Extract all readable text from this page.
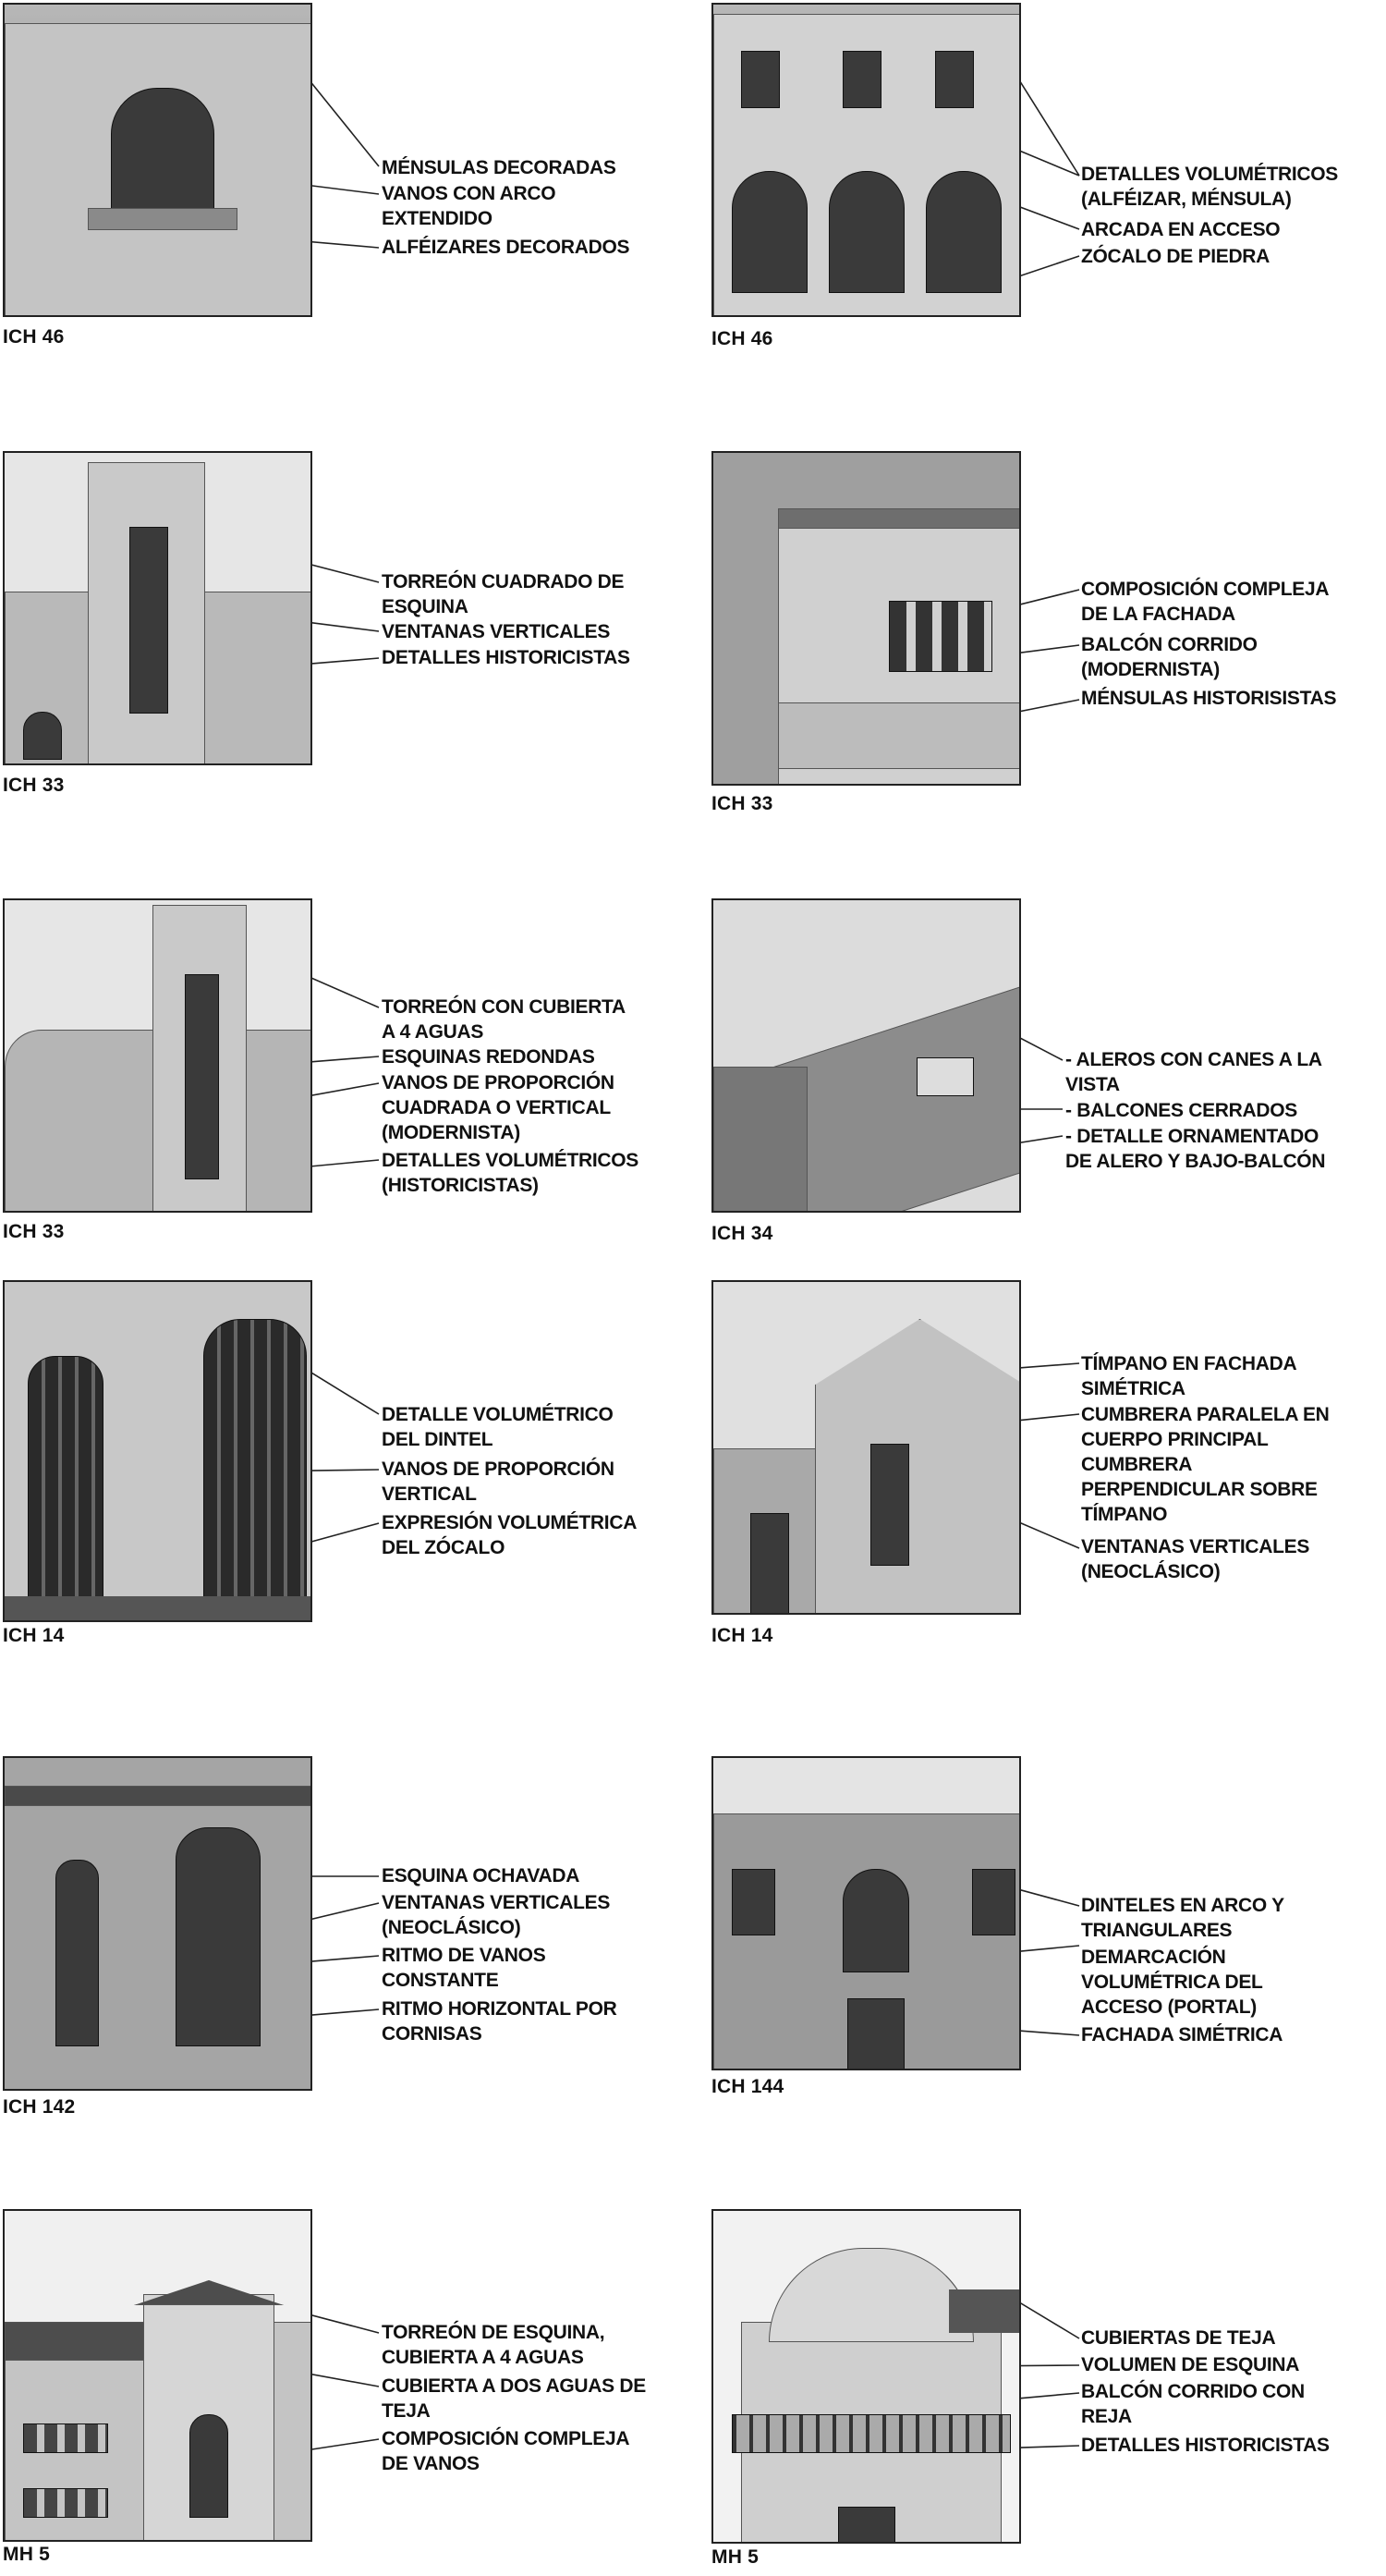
ICH 46
MÉNSULAS DECORADAS
VANOS CON ARCO
EXTENDIDO
ALFÉIZARES DECORADOS
ICH 46
DETALLES VOLUMÉTRICOS
(ALFÉIZAR, MÉNSULA)
ARCADA EN ACCESO
ZÓCALO DE PIEDRA
ICH 33
TORREÓN CUADRADO DE
ESQUINA
VENTANAS VERTICALES
DETALLES HISTORICISTAS
ICH 33
COMPOSICIÓN COMPLEJA
DE LA FACHADA
BALCÓN CORRIDO
(MODERNISTA)
MÉNSULAS HISTORISISTAS
ICH 33
TORREÓN CON CUBIERTA
A 4 AGUAS
ESQUINAS REDONDAS
VANOS DE PROPORCIÓN
CUADRADA O VERTICAL
(MODERNISTA)
DETALLES VOLUMÉTRICOS
(HISTORICISTAS)
ICH 34
- ALEROS CON CANES A LA
VISTA
- BALCONES CERRADOS
- DETALLE ORNAMENTADO
DE ALERO Y BAJO-BALCÓN
ICH 14
DETALLE VOLUMÉTRICO
DEL DINTEL
VANOS DE PROPORCIÓN
VERTICAL
EXPRESIÓN VOLUMÉTRICA
DEL ZÓCALO
ICH 14
TÍMPANO EN FACHADA
SIMÉTRICA
CUMBRERA PARALELA EN
CUERPO PRINCIPAL
CUMBRERA
PERPENDICULAR SOBRE
TÍMPANO
VENTANAS VERTICALES
(NEOCLÁSICO)
ICH 142
ESQUINA OCHAVADA
VENTANAS VERTICALES
(NEOCLÁSICO)
RITMO DE VANOS
CONSTANTE
RITMO HORIZONTAL POR
CORNISAS
ICH 144
DINTELES EN ARCO Y
TRIANGULARES
DEMARCACIÓN
VOLUMÉTRICA DEL
ACCESO (PORTAL)
FACHADA SIMÉTRICA
MH 5
TORREÓN DE ESQUINA,
CUBIERTA A 4 AGUAS
CUBIERTA A DOS AGUAS DE
TEJA
COMPOSICIÓN COMPLEJA
DE VANOS
MH 5
CUBIERTAS DE TEJA
VOLUMEN DE ESQUINA
BALCÓN CORRIDO CON
REJA
DETALLES HISTORICISTAS
